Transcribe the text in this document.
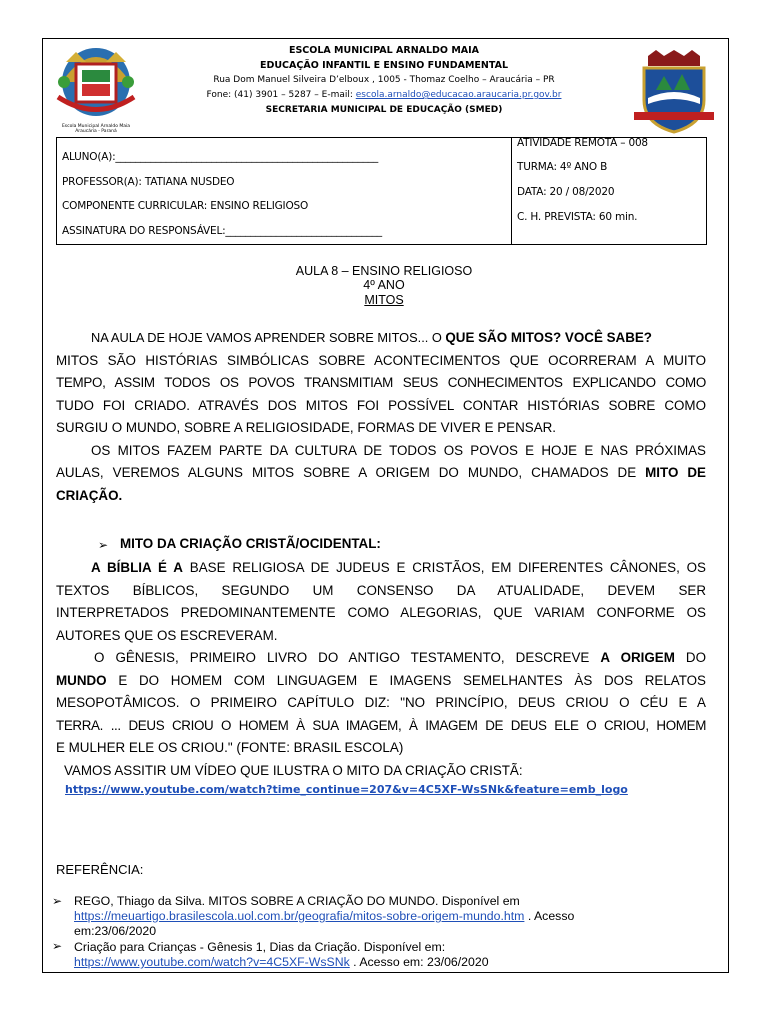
Escola Municipal Arnaldo Maia
Araucária - Paraná
ESCOLA MUNICIPAL ARNALDO MAIA
EDUCAÇÃO INFANTIL E ENSINO FUNDAMENTAL
Rua Dom Manuel Silveira D’elboux , 1005 - Thomaz Coelho – Araucária – PR
Fone: (41) 3901 – 5287 – E-mail: escola.arnaldo@educacao.araucaria.pr.gov.br
SECRETARIA MUNICIPAL DE EDUCAÇÃO (SMED)
ALUNO(A):____________________________________________________
PROFESSOR(A): TATIANA NUSDEO
COMPONENTE CURRICULAR: ENSINO RELIGIOSO
ASSINATURA DO RESPONSÁVEL:_______________________________
ATIVIDADE REMOTA – 008
TURMA: 4º ANO B
DATA: 20 / 08/2020
C. H. PREVISTA: 60 min.
AULA 8 – ENSINO RELIGIOSO
4º ANO
MITOS
NA AULA DE HOJE VAMOS APRENDER SOBRE MITOS... O QUE SÃO MITOS? VOCÊ SABE?
MITOS SÃO HISTÓRIAS SIMBÓLICAS SOBRE ACONTECIMENTOS QUE OCORRERAM A MUITO
TEMPO, ASSIM TODOS OS POVOS TRANSMITIAM SEUS CONHECIMENTOS EXPLICANDO COMO
TUDO FOI CRIADO. ATRAVÉS DOS MITOS FOI POSSÍVEL CONTAR HISTÓRIAS SOBRE COMO
SURGIU O MUNDO, SOBRE A RELIGIOSIDADE, FORMAS DE VIVER E PENSAR.
OS MITOS FAZEM PARTE DA CULTURA DE TODOS OS POVOS E HOJE E NAS PRÓXIMAS
AULAS, VEREMOS ALGUNS MITOS SOBRE A ORIGEM DO MUNDO, CHAMADOS DE MITO DE
CRIAÇÃO.
➢ MITO DA CRIAÇÃO CRISTÃ/OCIDENTAL:
A BÍBLIA É A BASE RELIGIOSA DE JUDEUS E CRISTÃOS, EM DIFERENTES CÂNONES, OS
TEXTOS BÍBLICOS, SEGUNDO UM CONSENSO DA ATUALIDADE, DEVEM SER
INTERPRETADOS PREDOMINANTEMENTE COMO ALEGORIAS, QUE VARIAM CONFORME OS
AUTORES QUE OS ESCREVERAM.
O GÊNESIS, PRIMEIRO LIVRO DO ANTIGO TESTAMENTO, DESCREVE A ORIGEM DO
MUNDO E DO HOMEM COM LINGUAGEM E IMAGENS SEMELHANTES ÀS DOS RELATOS
MESOPOTÂMICOS. O PRIMEIRO CAPÍTULO DIZ: "NO PRINCÍPIO, DEUS CRIOU O CÉU E A
TERRA. ... DEUS CRIOU O HOMEM À SUA IMAGEM, À IMAGEM DE DEUS ELE O CRIOU, HOMEM
E MULHER ELE OS CRIOU." (FONTE: BRASIL ESCOLA)
VAMOS ASSITIR UM VÍDEO QUE ILUSTRA O MITO DA CRIAÇÃO CRISTÃ:
https://www.youtube.com/watch?time_continue=207&v=4C5XF-WsSNk&feature=emb_logo
REFERÊNCIA:
➢ REGO, Thiago da Silva. MITOS SOBRE A CRIAÇÃO DO MUNDO. Disponível em
https://meuartigo.brasilescola.uol.com.br/geografia/mitos-sobre-origem-mundo.htm . Acesso
em:23/06/2020
➢ Criação para Crianças - Gênesis 1, Dias da Criação. Disponível em:
https://www.youtube.com/watch?v=4C5XF-WsSNk . Acesso em: 23/06/2020
